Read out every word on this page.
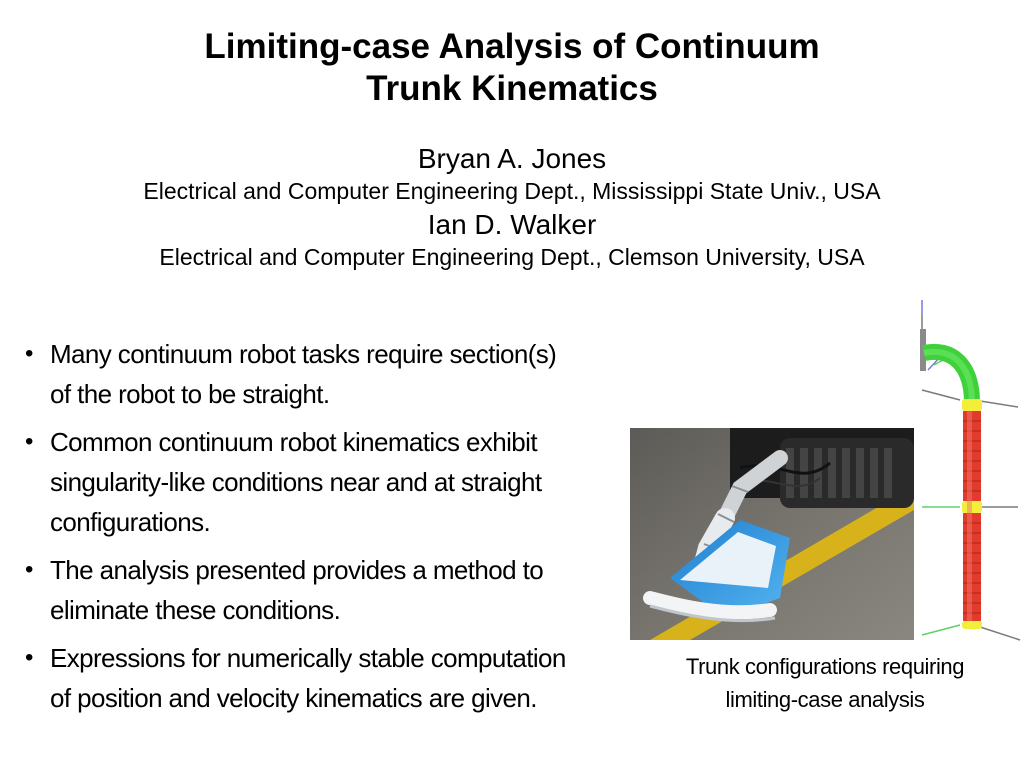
Limiting-case Analysis of Continuum
Trunk Kinematics
Bryan A. Jones
Electrical and Computer Engineering Dept., Mississippi State Univ., USA
Ian D. Walker
Electrical and Computer Engineering Dept., Clemson University, USA
• Many continuum robot tasks require section(s)
of the robot to be straight.
• Common continuum robot kinematics exhibit
singularity-like conditions near and at straight
configurations.
• The analysis presented provides a method to
eliminate these conditions.
• Expressions for numerically stable computation
of position and velocity kinematics are given.
Trunk configurations requiring
limiting-case analysis
